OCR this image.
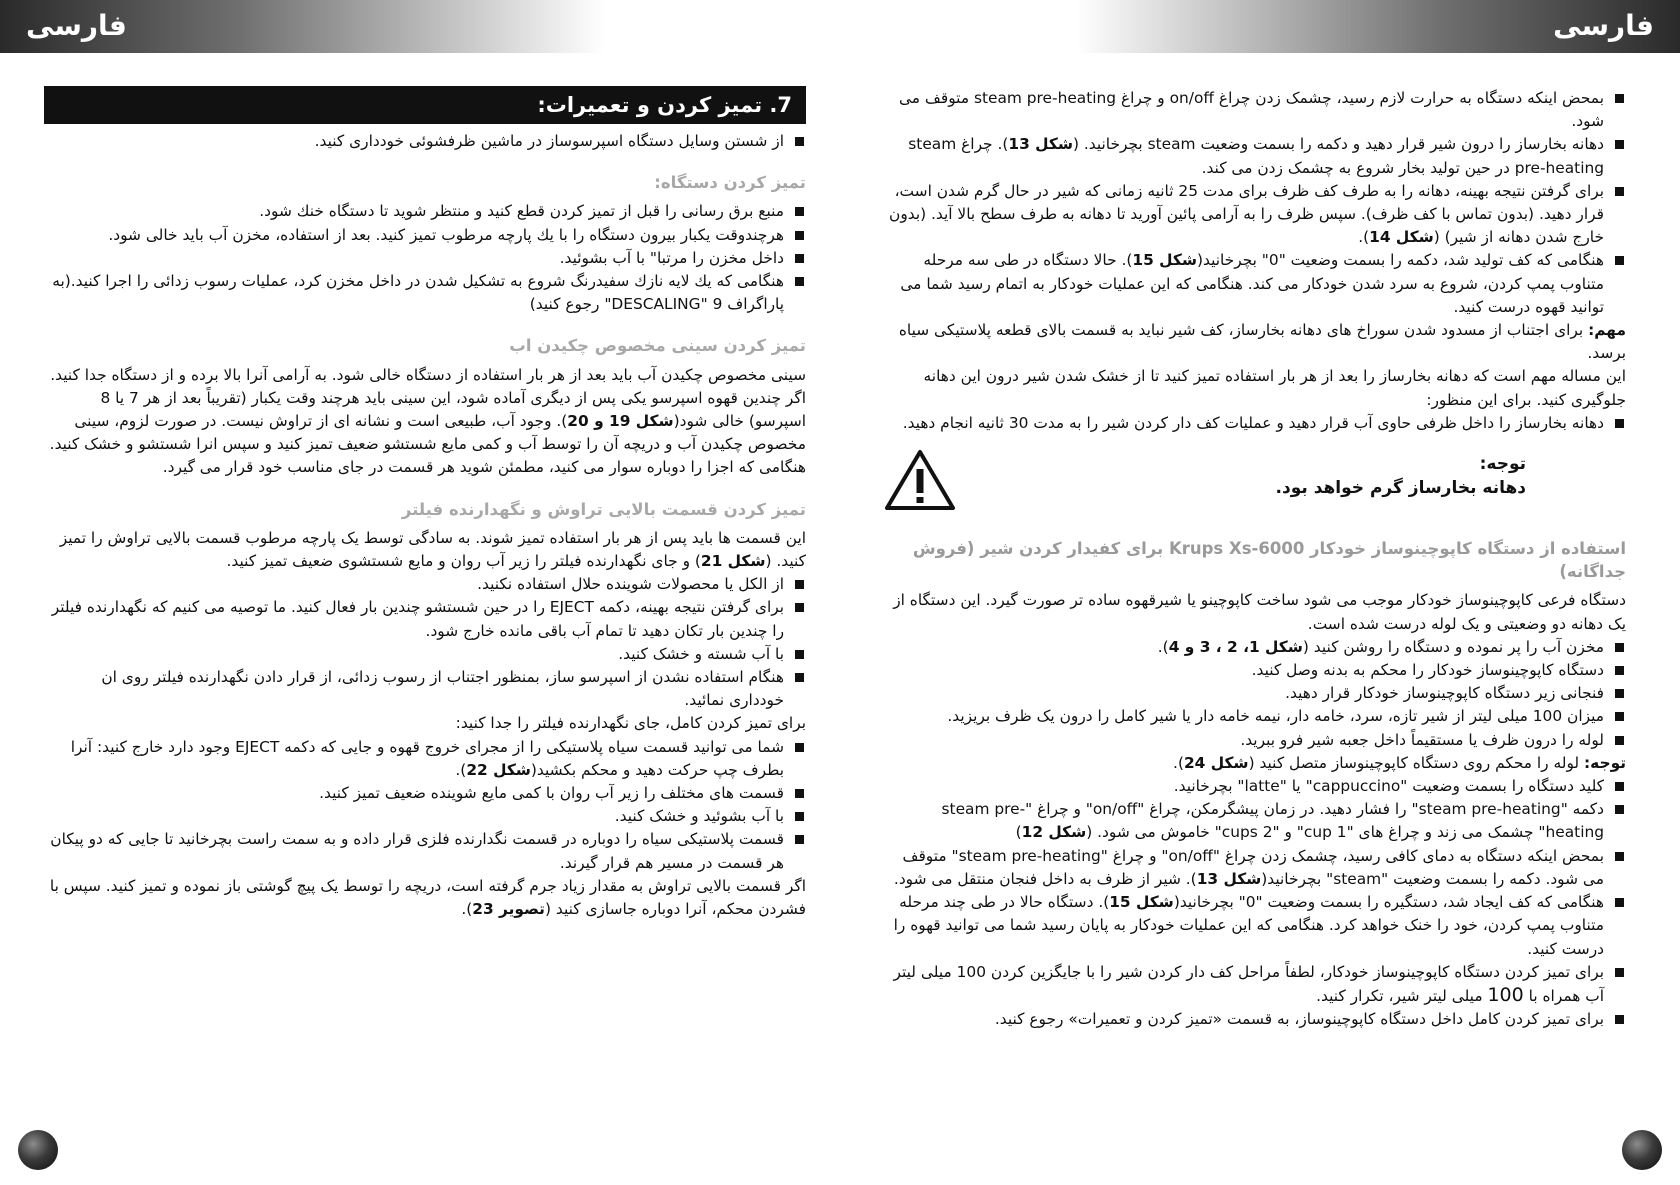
فارسی	فارسی
7. تمیز کردن و تعمیرات:
از شستن وسایل دستگاه اسپرسوساز در ماشین ظرفشوئی خودداری کنید.
تمیز کردن دستگاه:
منبع برق رسانی را قبل از تمیز کردن قطع کنید و منتظر شوید تا دستگاه خنك شود.
هرچندوقت یکبار بیرون دستگاه را با یك پارچه مرطوب تمیز کنید. بعد از استفاده، مخزن آب باید خالی شود.
داخل مخزن را مرتبا" با آب بشوئید.
هنگامی که یك لایه نازك سفیدرنگ شروع به تشکیل شدن در داخل مخزن کرد، عملیات رسوب زدائی را اجرا کنید.(به پاراگراف 9 "DESCALING" رجوع کنید)
تمیز کردن سینی مخصوص چکیدن اب

سینی مخصوص چکیدن آب باید بعد از هر بار استفاده از دستگاه خالی شود. به آرامی آنرا بالا برده و از دستگاه جدا کنید.

اگر چندین قهوه اسپرسو یکی پس از دیگری آماده شود، این سینی باید هرچند وقت یکبار (تقریباً بعد از هر 7 یا 8 اسپرسو) خالی شود(شکل 19 و 20). وجود آب، طبیعی است و نشانه ای از تراوش نیست. در صورت لزوم، سینی مخصوص چکیدن آب و دریچه آن را توسط آب و کمی مایع شستشو ضعیف تمیز کنید و سپس انرا شستشو و خشک کنید. هنگامی که اجزا را دوباره سوار می کنید، مطمئن شوید هر قسمت در جای مناسب خود قرار می گیرد.

تمیز کردن قسمت بالایی تراوش و نگهدارنده فیلتر

این قسمت ها باید پس از هر بار استفاده تمیز شوند. به سادگی توسط یک پارچه مرطوب قسمت بالایی تراوش را تمیز کنید. (شکل 21) و جای نگهدارنده فیلتر را زیر آب روان و مایع شستشوی ضعیف تمیز کنید.

از الکل یا محصولات شوینده حلال استفاده نکنید.
برای گرفتن نتیجه بهینه، دکمه EJECT را در حین شستشو چندین بار فعال کنید. ما توصیه می کنیم که نگهدارنده فیلتر را چندین بار تکان دهید تا تمام آب باقی مانده خارج شود.
با آب شسته و خشک کنید.
هنگام استفاده نشدن از اسپرسو ساز، بمنظور اجتناب از رسوب زدائی، از قرار دادن نگهدارنده فیلتر روی ان خودداری نمائید.

برای تمیز کردن کامل، جای نگهدارنده فیلتر را جدا کنید:

شما می توانید قسمت سیاه پلاستیکی را از مجرای خروج قهوه و جایی که دکمه EJECT وجود دارد خارج کنید: آنرا بطرف چپ حرکت دهید و محکم بکشید(شکل 22).
قسمت های مختلف را زیر آب روان با کمی مایع شوینده ضعیف تمیز کنید.
با آب بشوئید و خشک کنید.
قسمت پلاستیکی سیاه را دوباره در قسمت نگدارنده فلزی قرار داده و به سمت راست بچرخانید تا جایی که دو پیکان هر قسمت در مسیر هم قرار گیرند.

اگر قسمت بالایی تراوش به مقدار زیاد جرم گرفته است، دریچه را توسط یک پیچ گوشتی باز نموده و تمیز کنید. سپس با فشردن محکم، آنرا دوباره جاسازی کنید (تصویر 23).

بمحض اینکه دستگاه به حرارت لازم رسید، چشمک زدن چراغ on/off و چراغ steam pre-heating متوقف می شود.
دهانه بخارساز را درون شیر قرار دهید و دکمه را بسمت وضعیت steam بچرخانید. (شکل 13). چراغ steam pre-heating در حین تولید بخار شروع به چشمک زدن می کند.
برای گرفتن نتیجه بهینه، دهانه را به طرف کف ظرف برای مدت 25 ثانیه زمانی که شیر در حال گرم شدن است، قرار دهید. (بدون تماس با کف ظرف). سپس ظرف را به آرامی پائین آورید تا دهانه به طرف سطح بالا آید. (بدون خارج شدن دهانه از شیر) (شکل 14).
هنگامی که کف تولید شد، دکمه را بسمت وضعیت "0" بچرخانید(شکل 15). حالا دستگاه در طی سه مرحله متناوب پمپ کردن، شروع به سرد شدن خودکار می کند. هنگامی که این عملیات خودکار به اتمام رسید شما می توانید قهوه درست کنید.

مهم: برای اجتناب از مسدود شدن سوراخ های دهانه بخارساز، کف شیر نباید به قسمت بالای قطعه پلاستیکی سیاه برسد.

این مساله مهم است که دهانه بخارساز را بعد از هر بار استفاده تمیز کنید تا از خشک شدن شیر درون این دهانه جلوگیری کنید. برای این منظور:

دهانه بخارساز را داخل ظرفی حاوی آب قرار دهید و عملیات کف دار کردن شیر را به مدت 30 ثانیه انجام دهید.
توجه:
دهانه بخارساز گرم خواهد بود.
استفاده از دستگاه کاپوچینوساز خودکار Krups Xs-6000 برای کفیدار کردن شیر (فروش جداگانه)

دستگاه فرعی کاپوچینوساز خودکار موجب می شود ساخت کاپوچینو یا شیرقهوه ساده تر صورت گیرد. این دستگاه از یک دهانه دو وضعیتی و یک لوله درست شده است.

مخزن آب را پر نموده و دستگاه را روشن کنید (شکل 1، 2 ، 3 و 4).
دستگاه کاپوچینوساز خودکار را محکم به بدنه وصل کنید.
فنجانی زیر دستگاه کاپوچینوساز خودکار قرار دهید.
میزان 100 میلی لیتر از شیر تازه، سرد، خامه دار، نیمه خامه دار یا شیر کامل را درون یک ظرف بریزید.
لوله را درون ظرف یا مستقیماً داخل جعبه شیر فرو ببرید.

توجه: لوله را محکم روی دستگاه کاپوچینوساز متصل کنید (شکل 24).

کلید دستگاه را بسمت وضعیت "cappuccino" یا "latte" بچرخانید.
دکمه "steam pre-heating" را فشار دهید. در زمان پیشگرمکن، چراغ "on/off" و چراغ "steam pre-heating" چشمک می زند و چراغ های "1 cup" و "2 cups" خاموش می شود. (شکل 12)
بمحض اینکه دستگاه به دمای کافی رسید، چشمک زدن چراغ "on/off" و چراغ "steam pre-heating" متوقف می شود. دکمه را بسمت وضعیت "steam" بچرخانید(شکل 13). شیر از ظرف به داخل فنجان منتقل می شود.
هنگامی که کف ایجاد شد، دستگیره را بسمت وضعیت "0" بچرخانید(شکل 15). دستگاه حالا در طی چند مرحله متناوب پمپ کردن، خود را خنک خواهد کرد. هنگامی که این عملیات خودکار به پایان رسید شما می توانید قهوه را درست کنید.
برای تمیز کردن دستگاه کاپوچینوساز خودکار، لطفاً مراحل کف دار کردن شیر را با جایگزین کردن 100 میلی لیتر آب همراه با 100 میلی لیتر شیر، تکرار کنید.
برای تمیز کردن کامل داخل دستگاه کاپوچینوساز، به قسمت «تمیز کردن و تعمیرات» رجوع کنید.
